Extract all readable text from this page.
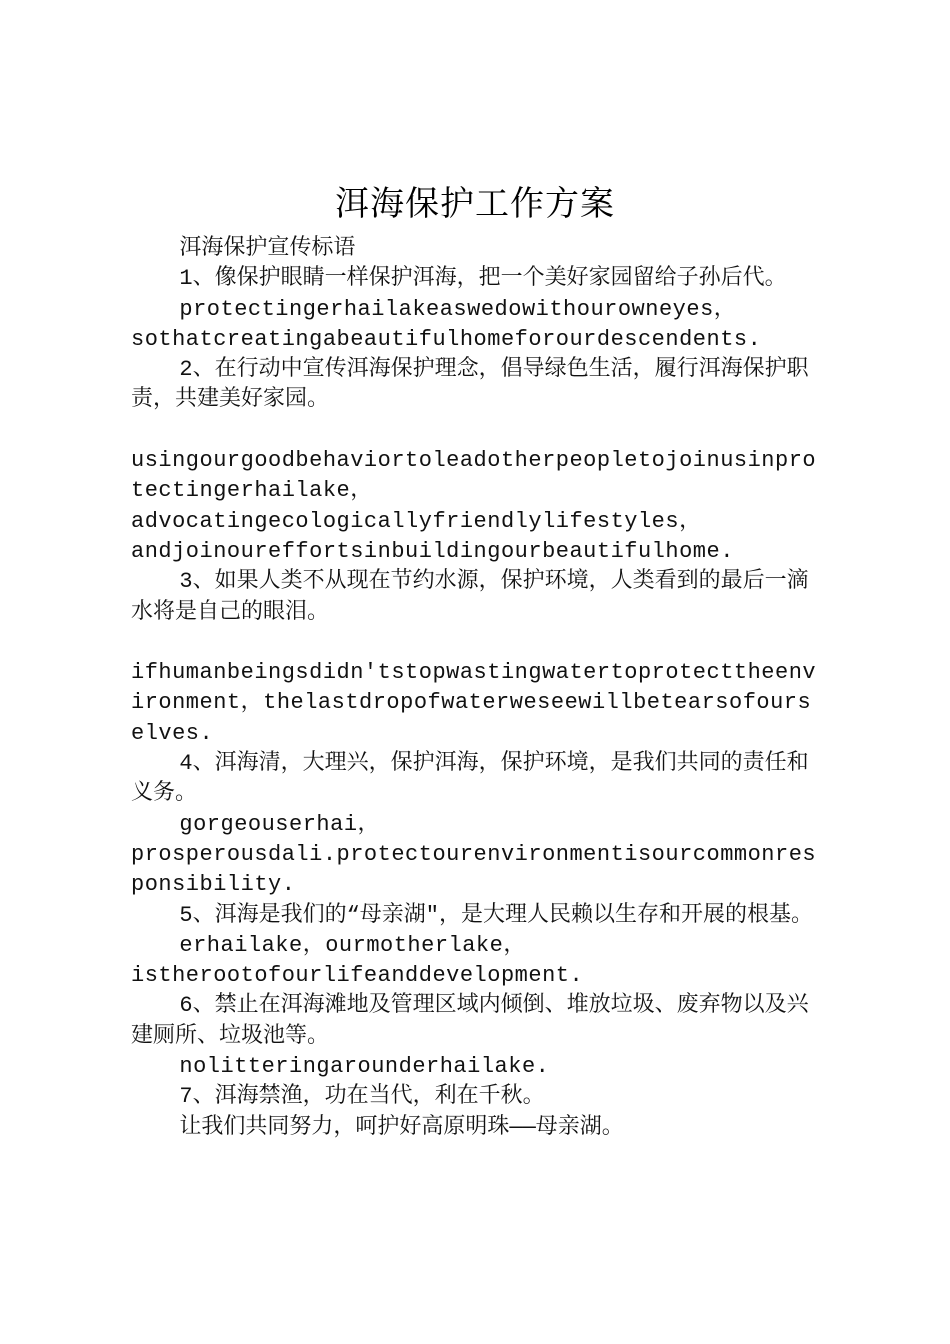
洱海保护工作方案

洱海保护宣传标语

1、像保护眼睛一样保护洱海，把一个美好家园留给子孙后代。

protectingerhailakeaswedowithourowneyes，

sothatcreatingabeautifulhomeforourdescendents.

2、在行动中宣传洱海保护理念，倡导绿色生活，履行洱海保护职责，共建美好家园。

usingourgoodbehaviortoleadotherpeopletojoinusinprotectingerhailake，

advocatingecologicallyfriendlylifestyles，

andjoinoureffortsinbuildingourbeautifulhome.

3、如果人类不从现在节约水源，保护环境，人类看到的最后一滴水将是自己的眼泪。

ifhumanbeingsdidn'tstopwastingwatertoprotecttheenvironment，thelastdropofwaterweseewillbetearsofourselves.

4、洱海清，大理兴，保护洱海，保护环境，是我们共同的责任和义务。

gorgeouserhai，

prosperousdali.protectourenvironmentisourcommonresponsibility.

5、洱海是我们的“母亲湖″，是大理人民赖以生存和开展的根基。

erhailake，ourmotherlake，

istherootofourlifeanddevelopment.

6、禁止在洱海滩地及管理区域内倾倒、堆放垃圾、废弃物以及兴建厕所、垃圾池等。

nolitteringarounderhailake.

7、洱海禁渔，功在当代，利在千秋。

让我们共同努力，呵护好高原明珠——母亲湖。
